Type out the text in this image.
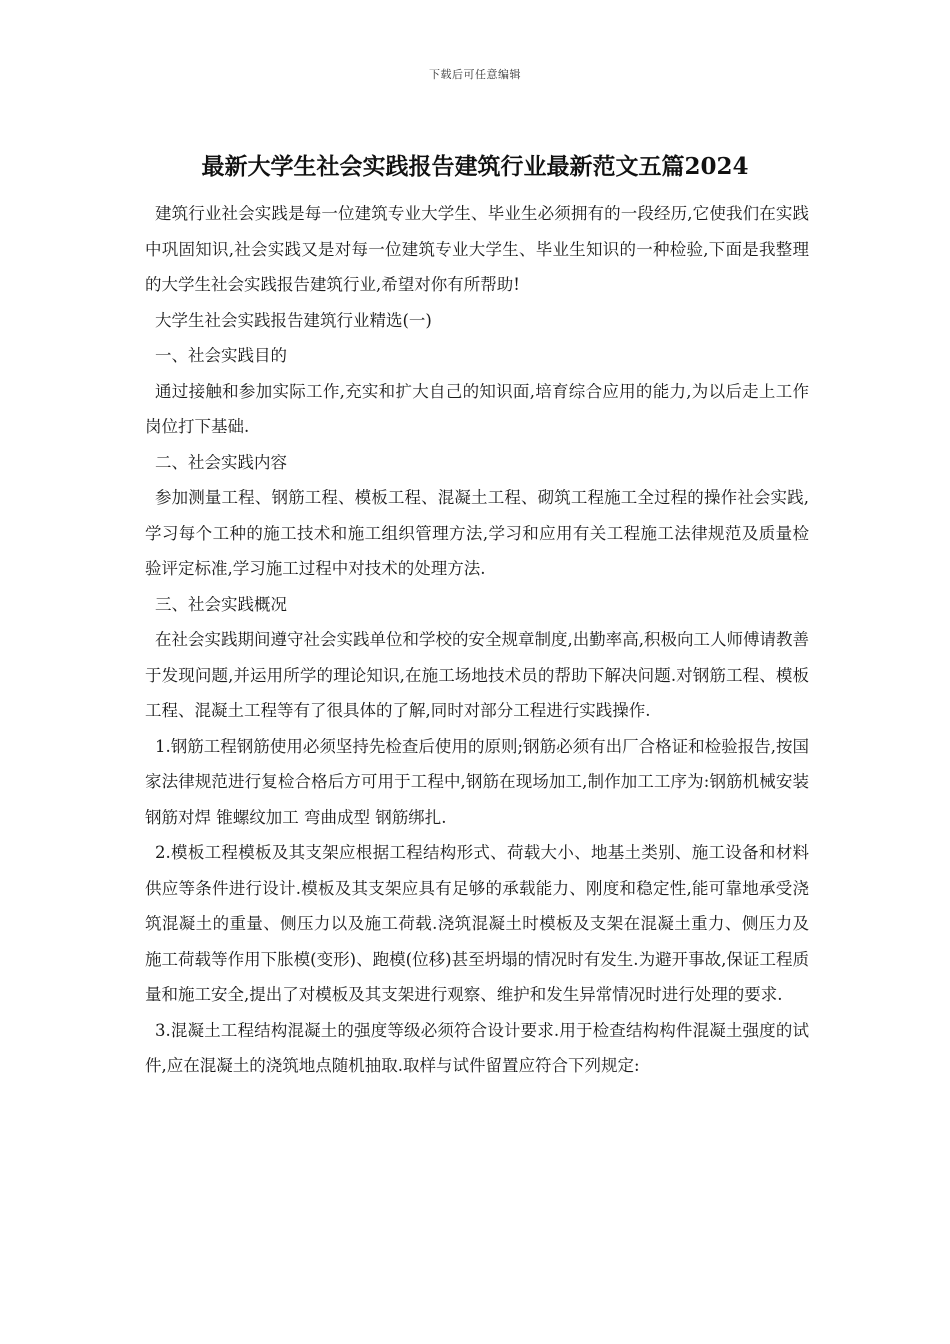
下载后可任意编辑
最新大学生社会实践报告建筑行业最新范文五篇2024

建筑行业社会实践是每一位建筑专业大学生、毕业生必须拥有的一段经历,它使我们在实践中巩固知识,社会实践又是对每一位建筑专业大学生、毕业生知识的一种检验,下面是我整理的大学生社会实践报告建筑行业,希望对你有所帮助!

大学生社会实践报告建筑行业精选(一)

一、社会实践目的

通过接触和参加实际工作,充实和扩大自己的知识面,培育综合应用的能力,为以后走上工作岗位打下基础.

二、社会实践内容

参加测量工程、钢筋工程、模板工程、混凝土工程、砌筑工程施工全过程的操作社会实践,学习每个工种的施工技术和施工组织管理方法,学习和应用有关工程施工法律规范及质量检验评定标准,学习施工过程中对技术的处理方法.

三、社会实践概况

在社会实践期间遵守社会实践单位和学校的安全规章制度,出勤率高,积极向工人师傅请教善于发现问题,并运用所学的理论知识,在施工场地技术员的帮助下解决问题.对钢筋工程、模板工程、混凝土工程等有了很具体的了解,同时对部分工程进行实践操作.

1.钢筋工程钢筋使用必须坚持先检查后使用的原则;钢筋必须有出厂合格证和检验报告,按国家法律规范进行复检合格后方可用于工程中,钢筋在现场加工,制作加工工序为:钢筋机械安装 钢筋对焊 锥螺纹加工 弯曲成型 钢筋绑扎.

2.模板工程模板及其支架应根据工程结构形式、荷载大小、地基土类别、施工设备和材料供应等条件进行设计.模板及其支架应具有足够的承载能力、刚度和稳定性,能可靠地承受浇筑混凝土的重量、侧压力以及施工荷载.浇筑混凝土时模板及支架在混凝土重力、侧压力及施工荷载等作用下胀模(变形)、跑模(位移)甚至坍塌的情况时有发生.为避开事故,保证工程质量和施工安全,提出了对模板及其支架进行观察、维护和发生异常情况时进行处理的要求.

3.混凝土工程结构混凝土的强度等级必须符合设计要求.用于检查结构构件混凝土强度的试件,应在混凝土的浇筑地点随机抽取.取样与试件留置应符合下列规定:
